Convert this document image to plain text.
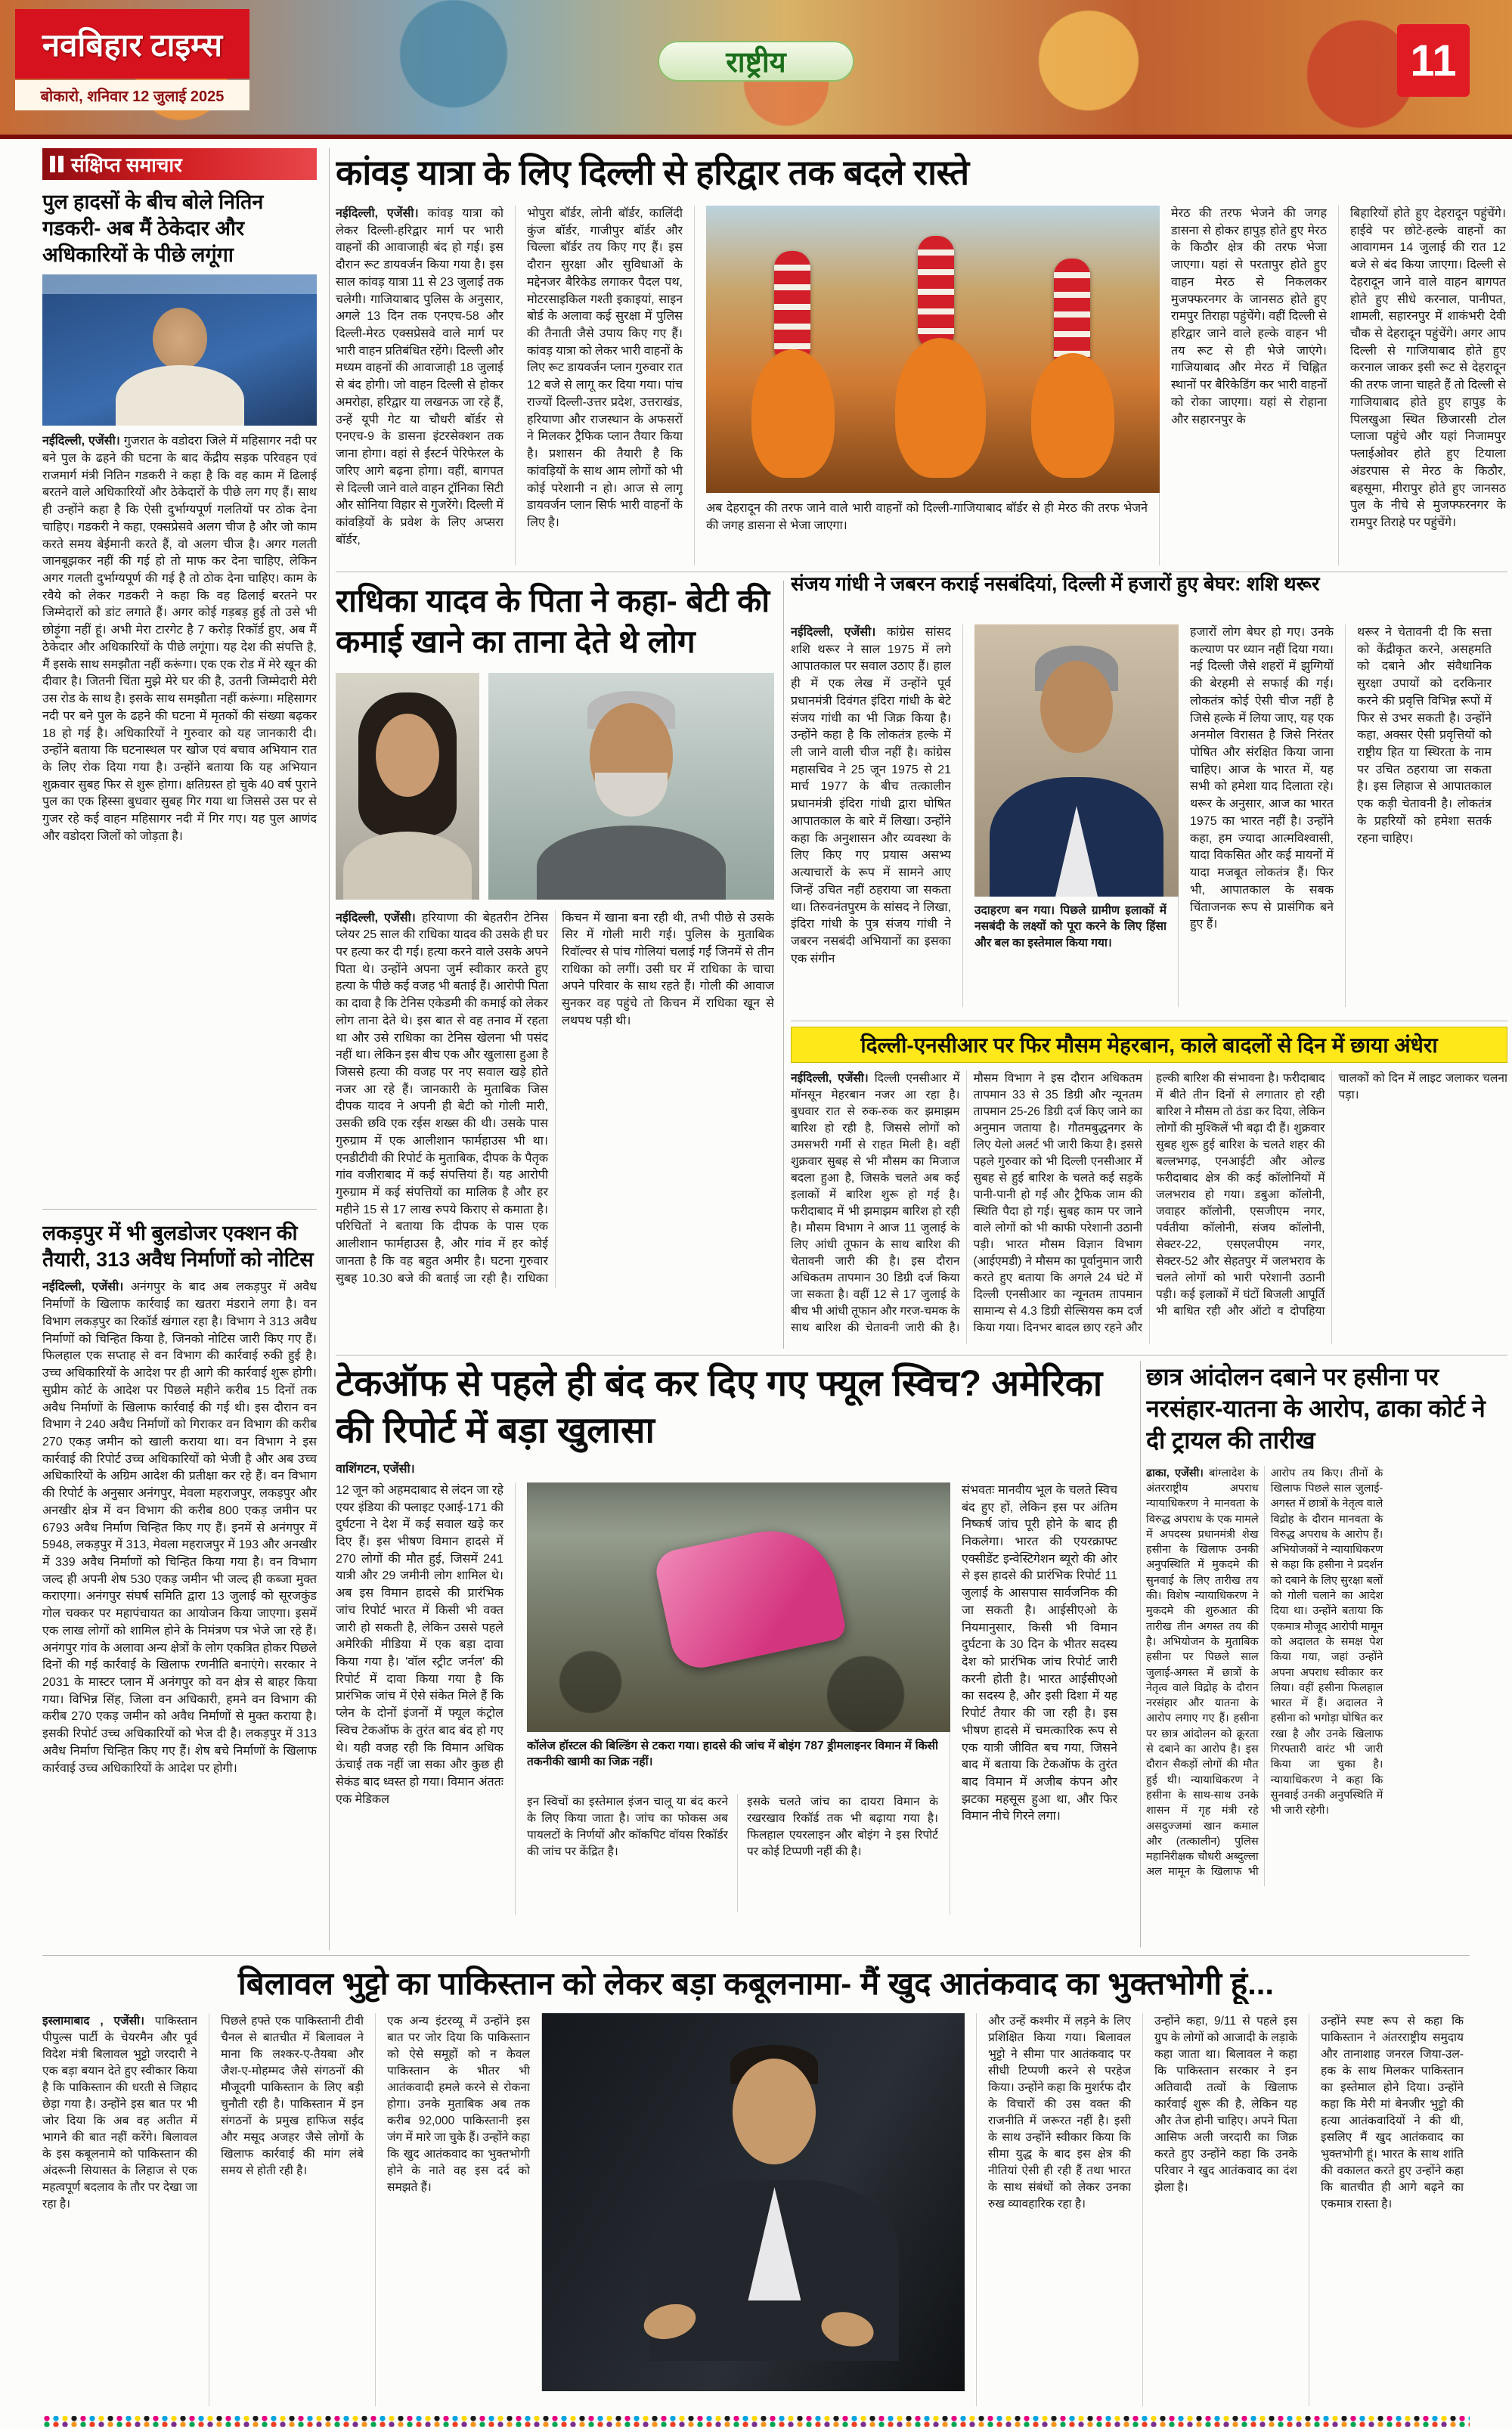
नवबिहार टाइम्स
बोकारो, शनिवार 12 जुलाई 2025
राष्ट्रीय	11
संक्षिप्त समाचार
पुल हादसों के बीच बोले नितिन गडकरी- अब मैं ठेकेदार और अधिकारियों के पीछे लगूंगा

नईदिल्ली, एजेंसी। गुजरात के वडोदरा जिले में महिसागर नदी पर बने पुल के ढहने की घटना के बाद केंद्रीय सड़क परिवहन एवं राजमार्ग मंत्री नितिन गडकरी ने कहा है कि वह काम में ढिलाई बरतने वाले अधिकारियों और ठेकेदारों के पीछे लग गए हैं। साथ ही उन्होंने कहा है कि ऐसी दुर्भाग्यपूर्ण गलतियों पर ठोक देना चाहिए। गडकरी ने कहा, एक्सप्रेसवे अलग चीज है और जो काम करते समय बेईमानी करते हैं, वो अलग चीज है। अगर गलती जानबूझकर नहीं की गई हो तो माफ कर देना चाहिए, लेकिन अगर गलती दुर्भाग्यपूर्ण की गई है तो ठोक देना चाहिए। काम के रवैये को लेकर गडकरी ने कहा कि वह ढिलाई बरतने पर जिम्मेदारों को डांट लगाते हैं। अगर कोई गड़बड़ हुई तो उसे भी छोड़ूंगा नहीं हूं। अभी मेरा टारगेट है 7 करोड़ रिकॉर्ड हुए, अब मैं ठेकेदार और अधिकारियों के पीछे लगूंगा। यह देश की संपत्ति है, मैं इसके साथ समझौता नहीं करूंगा। एक एक रोड में मेरे खून की दीवार है। जितनी चिंता मुझे मेरे घर की है, उतनी जिम्मेदारी मेरी उस रोड के साथ है। इसके साथ समझौता नहीं करूंगा। महिसागर नदी पर बने पुल के ढहने की घटना में मृतकों की संख्या बढ़कर 18 हो गई है। अधिकारियों ने गुरुवार को यह जानकारी दी। उन्होंने बताया कि घटनास्थल पर खोज एवं बचाव अभियान रात के लिए रोक दिया गया है। उन्होंने बताया कि यह अभियान शुक्रवार सुबह फिर से शुरू होगा। क्षतिग्रस्त हो चुके 40 वर्ष पुराने पुल का एक हिस्सा बुधवार सुबह गिर गया था जिससे उस पर से गुजर रहे कई वाहन महिसागर नदी में गिर गए। यह पुल आणंद और वडोदरा जिलों को जोड़ता है।

लकड़पुर में भी बुलडोजर एक्शन की तैयारी, 313 अवैध निर्माणों को नोटिस

नईदिल्ली, एजेंसी। अनंगपुर के बाद अब लकड़पुर में अवैध निर्माणों के खिलाफ कार्रवाई का खतरा मंडराने लगा है। वन विभाग लकड़पुर का रिकॉर्ड खंगाल रहा है। विभाग ने 313 अवैध निर्माणों को चिन्हित किया है, जिनको नोटिस जारी किए गए हैं। फिलहाल एक सप्ताह से वन विभाग की कार्रवाई रुकी हुई है। उच्च अधिकारियों के आदेश पर ही आगे की कार्रवाई शुरू होगी। सुप्रीम कोर्ट के आदेश पर पिछले महीने करीब 15 दिनों तक अवैध निर्माणों के खिलाफ कार्रवाई की गई थी। इस दौरान वन विभाग ने 240 अवैध निर्माणों को गिराकर वन विभाग की करीब 270 एकड़ जमीन को खाली कराया था। वन विभाग ने इस कार्रवाई की रिपोर्ट उच्च अधिकारियों को भेजी है और अब उच्च अधिकारियों के अग्रिम आदेश की प्रतीक्षा कर रहे हैं। वन विभाग की रिपोर्ट के अनुसार अनंगपुर, मेवला महराजपुर, लकड़पुर और अनखीर क्षेत्र में वन विभाग की करीब 800 एकड़ जमीन पर 6793 अवैध निर्माण चिन्हित किए गए हैं। इनमें से अनंगपुर में 5948, लकड़पुर में 313, मेवला महराजपुर में 193 और अनखीर में 339 अवैध निर्माणों को चिन्हित किया गया है। वन विभाग जल्द ही अपनी शेष 530 एकड़ जमीन भी जल्द ही कब्जा मुक्त कराएगा। अनंगपुर संघर्ष समिति द्वारा 13 जुलाई को सूरजकुंड गोल चक्कर पर महापंचायत का आयोजन किया जाएगा। इसमें एक लाख लोगों को शामिल होने के निमंत्रण पत्र भेजे जा रहे हैं। अनंगपुर गांव के अलावा अन्य क्षेत्रों के लोग एकत्रित होकर पिछले दिनों की गई कार्रवाई के खिलाफ रणनीति बनाएंगे। सरकार ने 2031 के मास्टर प्लान में अनंगपुर को वन क्षेत्र से बाहर किया गया। विभिन्न सिंह, जिला वन अधिकारी, हमने वन विभाग की करीब 270 एकड़ जमीन को अवैध निर्माणों से मुक्त कराया है। इसकी रिपोर्ट उच्च अधिकारियों को भेज दी है। लकड़पुर में 313 अवैध निर्माण चिन्हित किए गए हैं। शेष बचे निर्माणों के खिलाफ कार्रवाई उच्च अधिकारियों के आदेश पर होगी।

कांवड़ यात्रा के लिए दिल्ली से हरिद्वार तक बदले रास्ते
नईदिल्ली, एजेंसी। कांवड़ यात्रा को लेकर दिल्ली-हरिद्वार मार्ग पर भारी वाहनों की आवाजाही बंद हो गई। इस दौरान रूट डायवर्जन किया गया है। इस साल कांवड़ यात्रा 11 से 23 जुलाई तक चलेगी। गाजियाबाद पुलिस के अनुसार, अगले 13 दिन तक एनएच-58 और दिल्ली-मेरठ एक्सप्रेसवे वाले मार्ग पर भारी वाहन प्रतिबंधित रहेंगे। दिल्ली और मध्यम वाहनों की आवाजाही 18 जुलाई से बंद होगी। जो वाहन दिल्ली से होकर अमरोहा, हरिद्वार या लखनऊ जा रहे हैं, उन्हें यूपी गेट या चौधरी बॉर्डर से एनएच-9 के डासना इंटरसेक्शन तक जाना होगा। वहां से ईस्टर्न पेरिफेरल के जरिए आगे बढ़ना होगा। वहीं, बागपत से दिल्ली जाने वाले वाहन ट्रॉनिका सिटी और सोनिया विहार से गुजरेंगे। दिल्ली में कांवड़ियों के प्रवेश के लिए अप्सरा बॉर्डर,
भोपुरा बॉर्डर, लोनी बॉर्डर, कालिंदी कुंज बॉर्डर, गाजीपुर बॉर्डर और चिल्ला बॉर्डर तय किए गए हैं। इस दौरान सुरक्षा और सुविधाओं के मद्देनजर बैरिकेड लगाकर पैदल पथ, मोटरसाइकिल गश्ती इकाइयां, साइन बोर्ड के अलावा कई सुरक्षा में पुलिस की तैनाती जैसे उपाय किए गए हैं। कांवड़ यात्रा को लेकर भारी वाहनों के लिए रूट डायवर्जन प्लान गुरुवार रात 12 बजे से लागू कर दिया गया। पांच राज्यों दिल्ली-उत्तर प्रदेश, उत्तराखंड, हरियाणा और राजस्थान के अफसरों ने मिलकर ट्रैफिक प्लान तैयार किया है। प्रशासन की तैयारी है कि कांवड़ियों के साथ आम लोगों को भी कोई परेशानी न हो। आज से लागू डायवर्जन प्लान सिर्फ भारी वाहनों के लिए है।

अब देहरादून की तरफ जाने वाले भारी वाहनों को दिल्ली-गाजियाबाद बॉर्डर से ही मेरठ की तरफ भेजने की जगह डासना से भेजा जाएगा।

मेरठ की तरफ भेजने की जगह डासना से होकर हापुड़ होते हुए मेरठ के किठौर क्षेत्र की तरफ भेजा जाएगा। यहां से परतापुर होते हुए वाहन मेरठ से निकलकर मुजफ्फरनगर के जानसठ होते हुए रामपुर तिराहा पहुंचेंगे। वहीं दिल्ली से हरिद्वार जाने वाले हल्के वाहन भी तय रूट से ही भेजे जाएंगे। गाजियाबाद और मेरठ में चिह्नित स्थानों पर बैरिकेडिंग कर भारी वाहनों को रोका जाएगा। यहां से रोहाना और सहारनपुर के
बिहारियों होते हुए देहरादून पहुंचेंगे। हाईवे पर छोटे-हल्के वाहनों का आवागमन 14 जुलाई की रात 12 बजे से बंद किया जाएगा। दिल्ली से देहरादून जाने वाले वाहन बागपत होते हुए सीधे करनाल, पानीपत, शामली, सहारनपुर में शाकंभरी देवी चौक से देहरादून पहुंचेंगे। अगर आप दिल्ली से गाजियाबाद होते हुए करनाल जाकर इसी रूट से देहरादून की तरफ जाना चाहते हैं तो दिल्ली से गाजियाबाद होते हुए हापुड़ के पिलखुआ स्थित छिजारसी टोल प्लाजा पहुंचे और यहां निजामपुर फ्लाईओवर होते हुए टियाला अंडरपास से मेरठ के किठौर, बहसूमा, मीरापुर होते हुए जानसठ पुल के नीचे से मुजफ्फरनगर के रामपुर तिराहे पर पहुंचेंगे।
राधिका यादव के पिता ने कहा- बेटी की कमाई खाने का ताना देते थे लोग
नईदिल्ली, एजेंसी। हरियाणा की बेहतरीन टेनिस प्लेयर 25 साल की राधिका यादव की उसके ही घर पर हत्या कर दी गई। हत्या करने वाले उसके अपने पिता थे। उन्होंने अपना जुर्म स्वीकार करते हुए हत्या के पीछे कई वजह भी बताई हैं। आरोपी पिता का दावा है कि टेनिस एकेडमी की कमाई को लेकर लोग ताना देते थे। इस बात से वह तनाव में रहता था और उसे राधिका का टेनिस खेलना भी पसंद नहीं था। लेकिन इस बीच एक और खुलासा हुआ है जिससे हत्या की वजह पर नए सवाल खड़े होते नजर आ रहे हैं। जानकारी के मुताबिक जिस दीपक यादव ने अपनी ही बेटी को गोली मारी, उसकी छवि एक रईस शख्स की थी। उसके पास गुरुग्राम में एक आलीशान फार्महाउस भी था। एनडीटीवी की रिपोर्ट के मुताबिक, दीपक के पैतृक गांव वजीराबाद में कई संपत्तियां हैं। यह आरोपी गुरुग्राम में कई संपत्तियों का मालिक है और हर महीने 15 से 17 लाख रुपये किराए से कमाता है। परिचितों ने बताया कि दीपक के पास एक आलीशान फार्महाउस है, और गांव में हर कोई जानता है कि वह बहुत अमीर है। घटना गुरुवार सुबह 10.30 बजे की बताई जा रही है। राधिका किचन में खाना बना रही थी, तभी पीछे से उसके सिर में गोली मारी गई। पुलिस के मुताबिक रिवॉल्वर से पांच गोलियां चलाई गईं जिनमें से तीन राधिका को लगीं। उसी घर में राधिका के चाचा अपने परिवार के साथ रहते हैं। गोली की आवाज सुनकर वह पहुंचे तो किचन में राधिका खून से लथपथ पड़ी थी।
संजय गांधी ने जबरन कराई नसबंदियां, दिल्ली में हजारों हुए बेघर: शशि थरूर
नईदिल्ली, एजेंसी। कांग्रेस सांसद शशि थरूर ने साल 1975 में लगे आपातकाल पर सवाल उठाए हैं। हाल ही में एक लेख में उन्होंने पूर्व प्रधानमंत्री दिवंगत इंदिरा गांधी के बेटे संजय गांधी का भी जिक्र किया है। उन्होंने कहा है कि लोकतंत्र हल्के में ली जाने वाली चीज नहीं है। कांग्रेस महासचिव ने 25 जून 1975 से 21 मार्च 1977 के बीच तत्कालीन प्रधानमंत्री इंदिरा गांधी द्वारा घोषित आपातकाल के बारे में लिखा। उन्होंने कहा कि अनुशासन और व्यवस्था के लिए किए गए प्रयास असभ्य अत्याचारों के रूप में सामने आए जिन्हें उचित नहीं ठहराया जा सकता था। तिरुवनंतपुरम के सांसद ने लिखा, इंदिरा गांधी के पुत्र संजय गांधी ने जबरन नसबंदी अभियानों का इसका एक संगीन

उदाहरण बन गया। पिछले ग्रामीण इलाकों में नसबंदी के लक्ष्यों को पूरा करने के लिए हिंसा और बल का इस्तेमाल किया गया।

हजारों लोग बेघर हो गए। उनके कल्याण पर ध्यान नहीं दिया गया। नई दिल्ली जैसे शहरों में झुग्गियों की बेरहमी से सफाई की गई। लोकतंत्र कोई ऐसी चीज नहीं है जिसे हल्के में लिया जाए, यह एक अनमोल विरासत है जिसे निरंतर पोषित और संरक्षित किया जाना चाहिए। आज के भारत में, यह सभी को हमेशा याद दिलाता रहे। थरूर के अनुसार, आज का भारत 1975 का भारत नहीं है। उन्होंने कहा, हम ज्यादा आत्मविश्वासी, यादा विकसित और कई मायनों में यादा मजबूत लोकतंत्र हैं। फिर भी, आपातकाल के सबक चिंताजनक रूप से प्रासंगिक बने हुए हैं।
थरूर ने चेतावनी दी कि सत्ता को केंद्रीकृत करने, असहमति को दबाने और संवैधानिक सुरक्षा उपायों को दरकिनार करने की प्रवृत्ति विभिन्न रूपों में फिर से उभर सकती है। उन्होंने कहा, अक्सर ऐसी प्रवृत्तियों को राष्ट्रीय हित या स्थिरता के नाम पर उचित ठहराया जा सकता है। इस लिहाज से आपातकाल एक कड़ी चेतावनी है। लोकतंत्र के प्रहरियों को हमेशा सतर्क रहना चाहिए।
दिल्ली-एनसीआर पर फिर मौसम मेहरबान, काले बादलों से दिन में छाया अंधेरा
नईदिल्ली, एजेंसी। दिल्ली एनसीआर में मॉनसून मेहरबान नजर आ रहा है। बुधवार रात से रुक-रुक कर झमाझम बारिश हो रही है, जिससे लोगों को उमसभरी गर्मी से राहत मिली है। वहीं शुक्रवार सुबह से भी मौसम का मिजाज बदला हुआ है, जिसके चलते अब कई इलाकों में बारिश शुरू हो गई है। फरीदाबाद में भी झमाझम बारिश हो रही है। मौसम विभाग ने आज 11 जुलाई के लिए आंधी तूफान के साथ बारिश की चेतावनी जारी की है। इस दौरान अधिकतम तापमान 30 डिग्री दर्ज किया जा सकता है। वहीं 12 से 17 जुलाई के बीच भी आंधी तूफान और गरज-चमक के साथ बारिश की चेतावनी जारी की है। मौसम विभाग ने इस दौरान अधिकतम तापमान 33 से 35 डिग्री और न्यूनतम तापमान 25-26 डिग्री दर्ज किए जाने का अनुमान जताया है। गौतमबुद्धनगर के लिए येलो अलर्ट भी जारी किया है। इससे पहले गुरुवार को भी दिल्ली एनसीआर में सुबह से हुई बारिश के चलते कई सड़कें पानी-पानी हो गईं और ट्रैफिक जाम की स्थिति पैदा हो गई। सुबह काम पर जाने वाले लोगों को भी काफी परेशानी उठानी पड़ी। भारत मौसम विज्ञान विभाग (आईएमडी) ने मौसम का पूर्वानुमान जारी करते हुए बताया कि अगले 24 घंटे में दिल्ली एनसीआर का न्यूनतम तापमान सामान्य से 4.3 डिग्री सेल्सियस कम दर्ज किया गया। दिनभर बादल छाए रहने और हल्की बारिश की संभावना है। फरीदाबाद में बीते तीन दिनों से लगातार हो रही बारिश ने मौसम तो ठंडा कर दिया, लेकिन लोगों की मुश्किलें भी बढ़ा दी हैं। शुक्रवार सुबह शुरू हुई बारिश के चलते शहर की बल्लभगढ़, एनआईटी और ओल्ड फरीदाबाद क्षेत्र की कई कॉलोनियों में जलभराव हो गया। डबुआ कॉलोनी, जवाहर कॉलोनी, एसजीएम नगर, पर्वतीया कॉलोनी, संजय कॉलोनी, सेक्टर-22, एसएलपीएम नगर, सेक्टर-52 और सेहतपुर में जलभराव के चलते लोगों को भारी परेशानी उठानी पड़ी। कई इलाकों में घंटों बिजली आपूर्ति भी बाधित रही और ऑटो व दोपहिया चालकों को दिन में लाइट जलाकर चलना पड़ा।
टेकऑफ से पहले ही बंद कर दिए गए फ्यूल स्विच? अमेरिका की रिपोर्ट में बड़ा खुलासा

वाशिंगटन, एजेंसी।

12 जून को अहमदाबाद से लंदन जा रहे एयर इंडिया की फ्लाइट एआई-171 की दुर्घटना ने देश में कई सवाल खड़े कर दिए हैं। इस भीषण विमान हादसे में 270 लोगों की मौत हुई, जिसमें 241 यात्री और 29 जमीनी लोग शामिल थे। अब इस विमान हादसे की प्रारंभिक जांच रिपोर्ट भारत में किसी भी वक्त जारी हो सकती है, लेकिन उससे पहले अमेरिकी मीडिया में एक बड़ा दावा किया गया है। 'वॉल स्ट्रीट जर्नल' की रिपोर्ट में दावा किया गया है कि प्रारंभिक जांच में ऐसे संकेत मिले हैं कि प्लेन के दोनों इंजनों में फ्यूल कंट्रोल स्विच टेकऑफ के तुरंत बाद बंद हो गए थे। यही वजह रही कि विमान अधिक ऊंचाई तक नहीं जा सका और कुछ ही सेकंड बाद ध्वस्त हो गया। विमान अंततः एक मेडिकल

कॉलेज हॉस्टल की बिल्डिंग से टकरा गया। हादसे की जांच में बोइंग 787 ड्रीमलाइनर विमान में किसी तकनीकी खामी का जिक्र नहीं।

इन स्विचों का इस्तेमाल इंजन चालू या बंद करने के लिए किया जाता है। जांच का फोकस अब पायलटों के निर्णयों और कॉकपिट वॉयस रिकॉर्डर की जांच पर केंद्रित है।
इसके चलते जांच का दायरा विमान के रखरखाव रिकॉर्ड तक भी बढ़ाया गया है। फिलहाल एयरलाइन और बोइंग ने इस रिपोर्ट पर कोई टिप्पणी नहीं की है।
संभवतः मानवीय भूल के चलते स्विच बंद हुए हों, लेकिन इस पर अंतिम निष्कर्ष जांच पूरी होने के बाद ही निकलेगा। भारत की एयरक्राफ्ट एक्सीडेंट इन्वेस्टिगेशन ब्यूरो की ओर से इस हादसे की प्रारंभिक रिपोर्ट 11 जुलाई के आसपास सार्वजनिक की जा सकती है। आईसीएओ के नियमानुसार, किसी भी विमान दुर्घटना के 30 दिन के भीतर सदस्य देश को प्रारंभिक जांच रिपोर्ट जारी करनी होती है। भारत आईसीएओ का सदस्य है, और इसी दिशा में यह रिपोर्ट तैयार की जा रही है। इस भीषण हादसे में चमत्कारिक रूप से एक यात्री जीवित बच गया, जिसने बाद में बताया कि टेकऑफ के तुरंत बाद विमान में अजीब कंपन और झटका महसूस हुआ था, और फिर विमान नीचे गिरने लगा।
छात्र आंदोलन दबाने पर हसीना पर नरसंहार-यातना के आरोप, ढाका कोर्ट ने दी ट्रायल की तारीख
ढाका, एजेंसी। बांग्लादेश के अंतरराष्ट्रीय अपराध न्यायाधिकरण ने मानवता के विरुद्ध अपराध के एक मामले में अपदस्थ प्रधानमंत्री शेख हसीना के खिलाफ उनकी अनुपस्थिति में मुकदमे की सुनवाई के लिए तारीख तय की। विशेष न्यायाधिकरण ने मुकदमे की शुरुआत की तारीख तीन अगस्त तय की है। अभियोजन के मुताबिक हसीना पर पिछले साल जुलाई-अगस्त में छात्रों के नेतृत्व वाले विद्रोह के दौरान नरसंहार और यातना के आरोप लगाए गए हैं। हसीना पर छात्र आंदोलन को क्रूरता से दबाने का आरोप है। इस दौरान सैकड़ों लोगों की मौत हुई थी। न्यायाधिकरण ने हसीना के साथ-साथ उनके शासन में गृह मंत्री रहे असदुज्जमां खान कमाल और (तत्कालीन) पुलिस महानिरीक्षक चौधरी अब्दुल्ला अल मामून के खिलाफ भी आरोप तय किए। तीनों के खिलाफ पिछले साल जुलाई-अगस्त में छात्रों के नेतृत्व वाले विद्रोह के दौरान मानवता के विरुद्ध अपराध के आरोप हैं। अभियोजकों ने न्यायाधिकरण से कहा कि हसीना ने प्रदर्शन को दबाने के लिए सुरक्षा बलों को गोली चलाने का आदेश दिया था। उन्होंने बताया कि एकमात्र मौजूद आरोपी मामून को अदालत के समक्ष पेश किया गया, जहां उन्होंने अपना अपराध स्वीकार कर लिया। वहीं हसीना फिलहाल भारत में हैं। अदालत ने हसीना को भगोड़ा घोषित कर रखा है और उनके खिलाफ गिरफ्तारी वारंट भी जारी किया जा चुका है। न्यायाधिकरण ने कहा कि सुनवाई उनकी अनुपस्थिति में भी जारी रहेगी।
बिलावल भुट्टो का पाकिस्तान को लेकर बड़ा कबूलनामा- मैं खुद आतंकवाद का भुक्तभोगी हूं...
इस्लामाबाद , एजेंसी। पाकिस्तान पीपुल्स पार्टी के चेयरमैन और पूर्व विदेश मंत्री बिलावल भुट्टो जरदारी ने एक बड़ा बयान देते हुए स्वीकार किया है कि पाकिस्तान की धरती से जिहाद छेड़ा गया है। उन्होंने इस बात पर भी जोर दिया कि अब वह अतीत में भागने की बात नहीं करेंगे। बिलावल के इस कबूलनामे को पाकिस्तान की अंदरूनी सियासत के लिहाज से एक महत्वपूर्ण बदलाव के तौर पर देखा जा रहा है।
पिछले हफ्ते एक पाकिस्तानी टीवी चैनल से बातचीत में बिलावल ने माना कि लश्कर-ए-तैयबा और जैश-ए-मोहम्मद जैसे संगठनों की मौजूदगी पाकिस्तान के लिए बड़ी चुनौती रही है। पाकिस्तान में इन संगठनों के प्रमुख हाफिज सईद और मसूद अजहर जैसे लोगों के खिलाफ कार्रवाई की मांग लंबे समय से होती रही है।
एक अन्य इंटरव्यू में उन्होंने इस बात पर जोर दिया कि पाकिस्तान को ऐसे समूहों को न केवल पाकिस्तान के भीतर भी आतंकवादी हमले करने से रोकना होगा। उनके मुताबिक अब तक करीब 92,000 पाकिस्तानी इस जंग में मारे जा चुके हैं। उन्होंने कहा कि खुद आतंकवाद का भुक्तभोगी होने के नाते वह इस दर्द को समझते हैं।
और उन्हें कश्मीर में लड़ने के लिए प्रशिक्षित किया गया। बिलावल भुट्टो ने सीमा पार आतंकवाद पर सीधी टिप्पणी करने से परहेज किया। उन्होंने कहा कि मुशर्रफ दौर के विचारों की उस वक्त की राजनीति में जरूरत नहीं है। इसी के साथ उन्होंने स्वीकार किया कि सीमा युद्ध के बाद इस क्षेत्र की नीतियां ऐसी ही रही हैं तथा भारत के साथ संबंधों को लेकर उनका रुख व्यावहारिक रहा है।
उन्होंने कहा, 9/11 से पहले इस ग्रुप के लोगों को आजादी के लड़ाके कहा जाता था। बिलावल ने कहा कि पाकिस्तान सरकार ने इन अतिवादी तत्वों के खिलाफ कार्रवाई शुरू की है, लेकिन यह और तेज होनी चाहिए। अपने पिता आसिफ अली जरदारी का जिक्र करते हुए उन्होंने कहा कि उनके परिवार ने खुद आतंकवाद का दंश झेला है।
उन्होंने स्पष्ट रूप से कहा कि पाकिस्तान ने अंतरराष्ट्रीय समुदाय और तानाशाह जनरल जिया-उल-हक के साथ मिलकर पाकिस्तान का इस्तेमाल होने दिया। उन्होंने कहा कि मेरी मां बेनजीर भुट्टो की हत्या आतंकवादियों ने की थी, इसलिए मैं खुद आतंकवाद का भुक्तभोगी हूं। भारत के साथ शांति की वकालत करते हुए उन्होंने कहा कि बातचीत ही आगे बढ़ने का एकमात्र रास्ता है।
